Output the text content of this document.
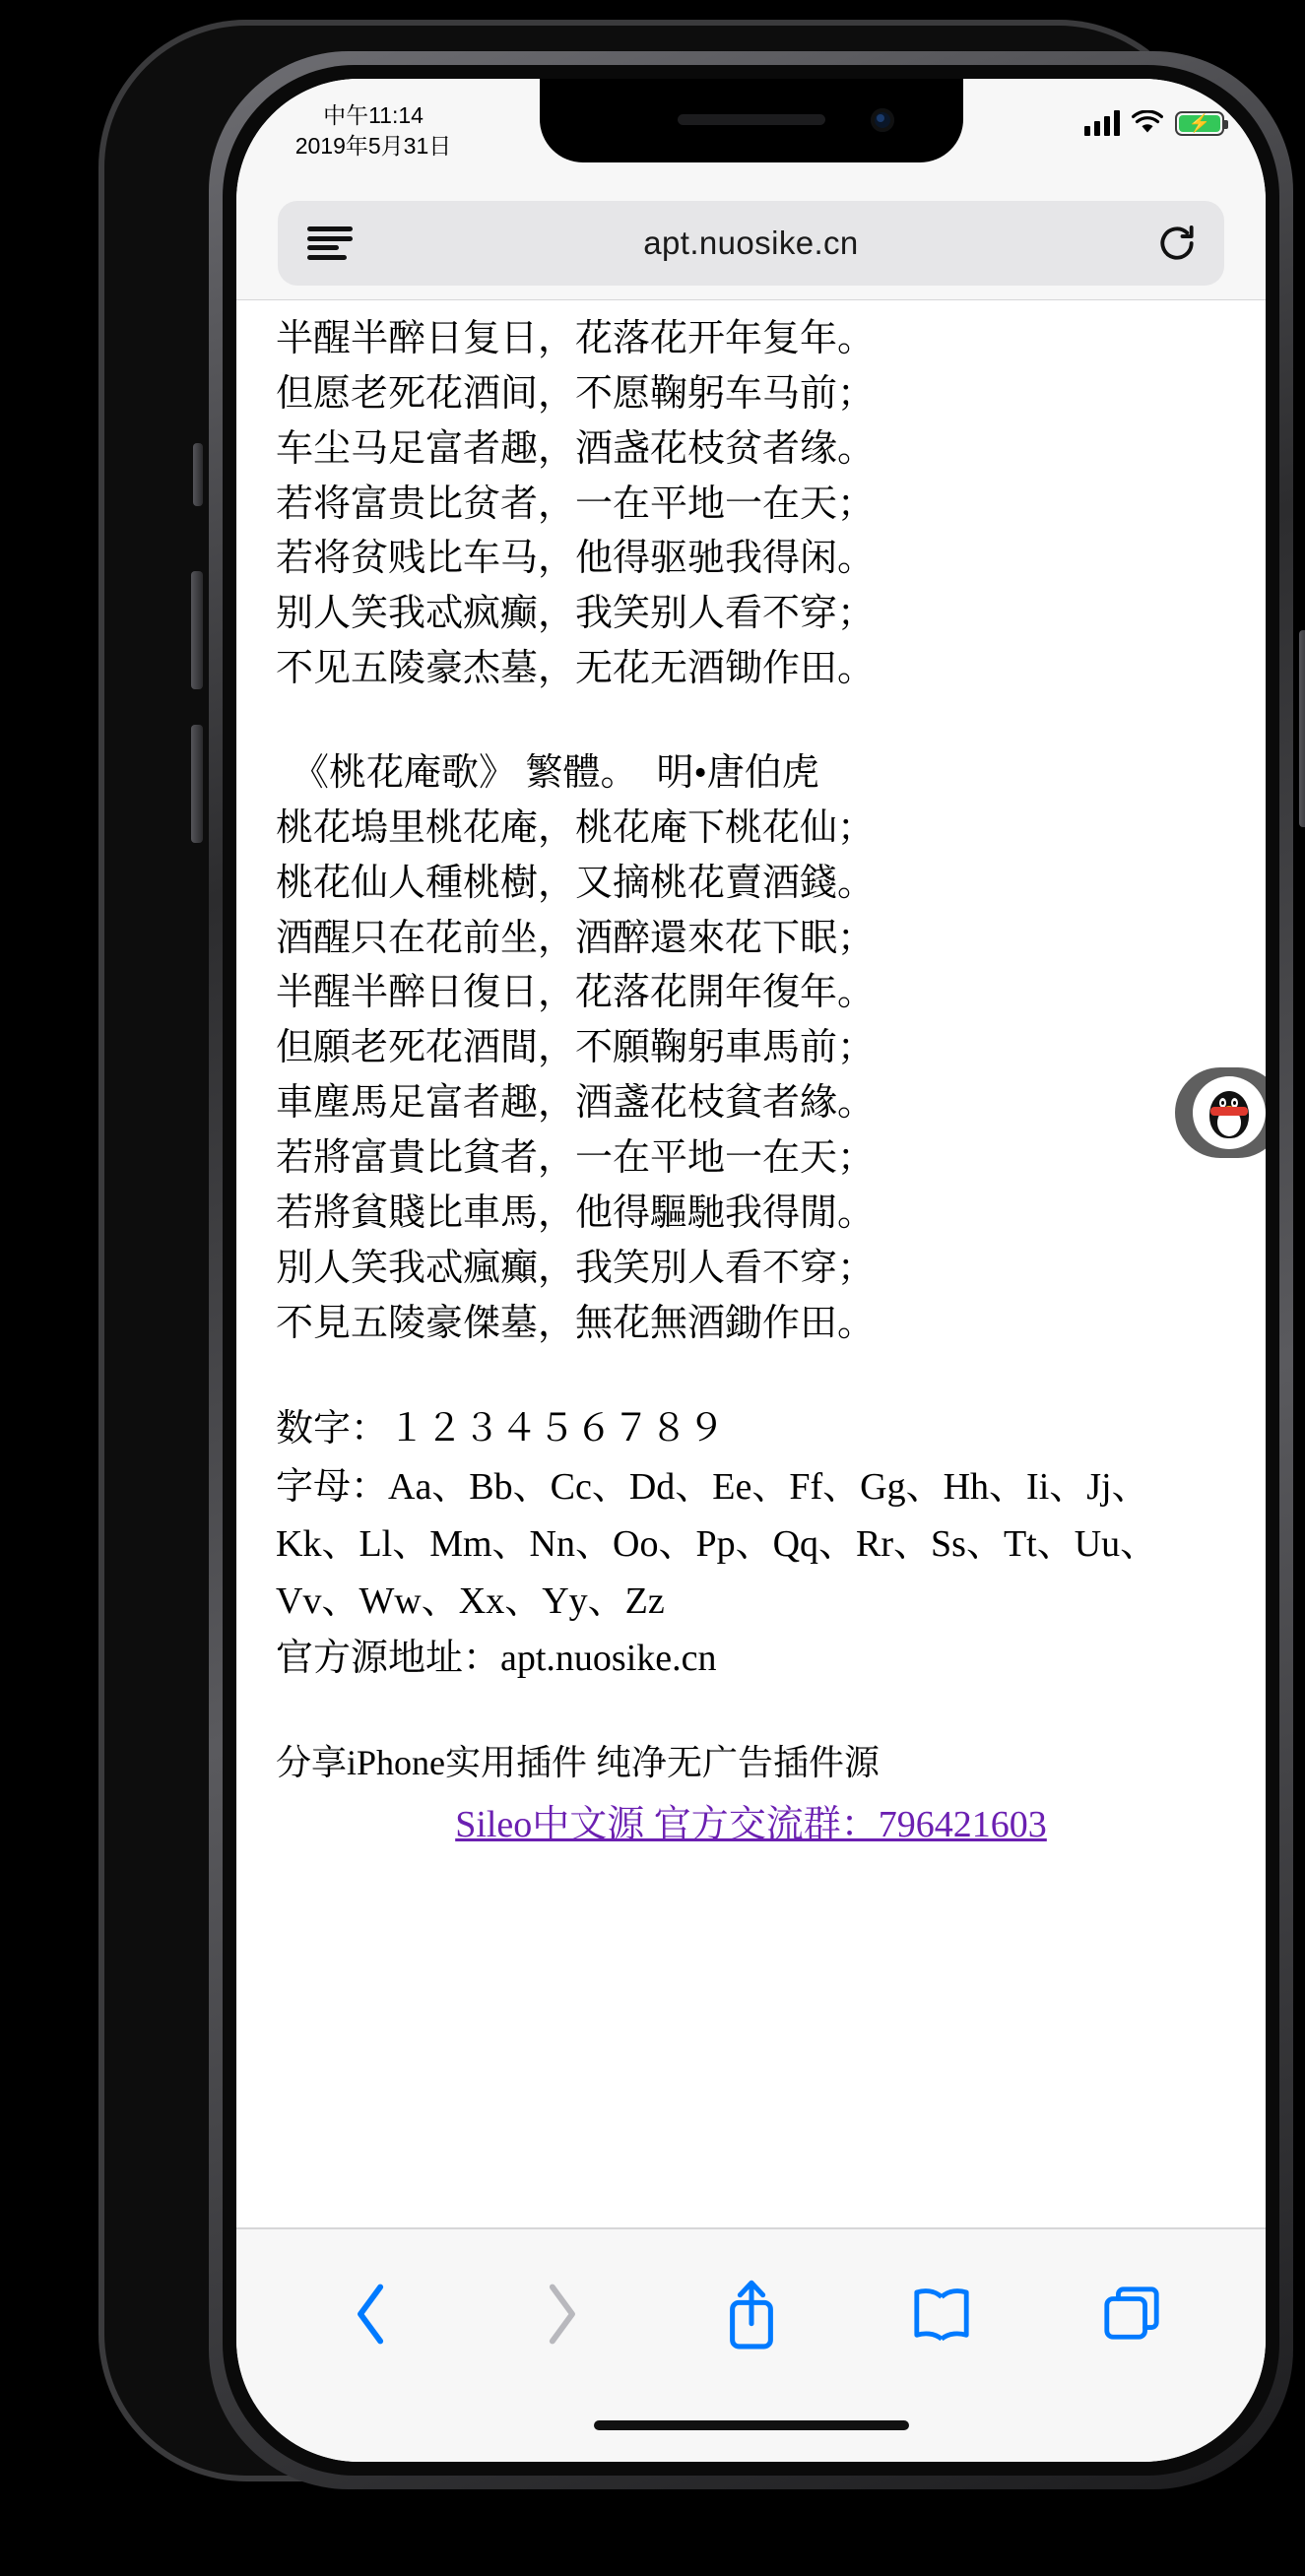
中午11:14
2019年5月31日
⚡
apt.nuosike.cn
半醒半醉日复日，花落花开年复年。
但愿老死花酒间，不愿鞠躬车马前；
车尘马足富者趣，酒盏花枝贫者缘。
若将富贵比贫者，一在平地一在天；
若将贫贱比车马，他得驱驰我得闲。
别人笑我忒疯癫，我笑别人看不穿；
不见五陵豪杰墓，无花无酒锄作田。
《桃花庵歌》 繁體。  明•唐伯虎
桃花塢里桃花庵，桃花庵下桃花仙；
桃花仙人種桃樹，又摘桃花賣酒錢。
酒醒只在花前坐，酒醉還來花下眠；
半醒半醉日復日，花落花開年復年。
但願老死花酒間，不願鞠躬車馬前；
車塵馬足富者趣，酒盞花枝貧者緣。
若將富貴比貧者，一在平地一在天；
若將貧賤比車馬，他得驅馳我得閒。
別人笑我忒瘋癲，我笑別人看不穿；
不見五陵豪傑墓，無花無酒鋤作田。
数字：１２３４５６７８９
字母：Aa、Bb、Cc、Dd、Ee、Ff、Gg、Hh、Ii、Jj、Kk、Ll、Mm、Nn、Oo、Pp、Qq、Rr、Ss、Tt、Uu、Vv、Ww、Xx、Yy、Zz
官方源地址：apt.nuosike.cn
分享iPhone实用插件 纯净无广告插件源
Sileo中文源 官方交流群：796421603
